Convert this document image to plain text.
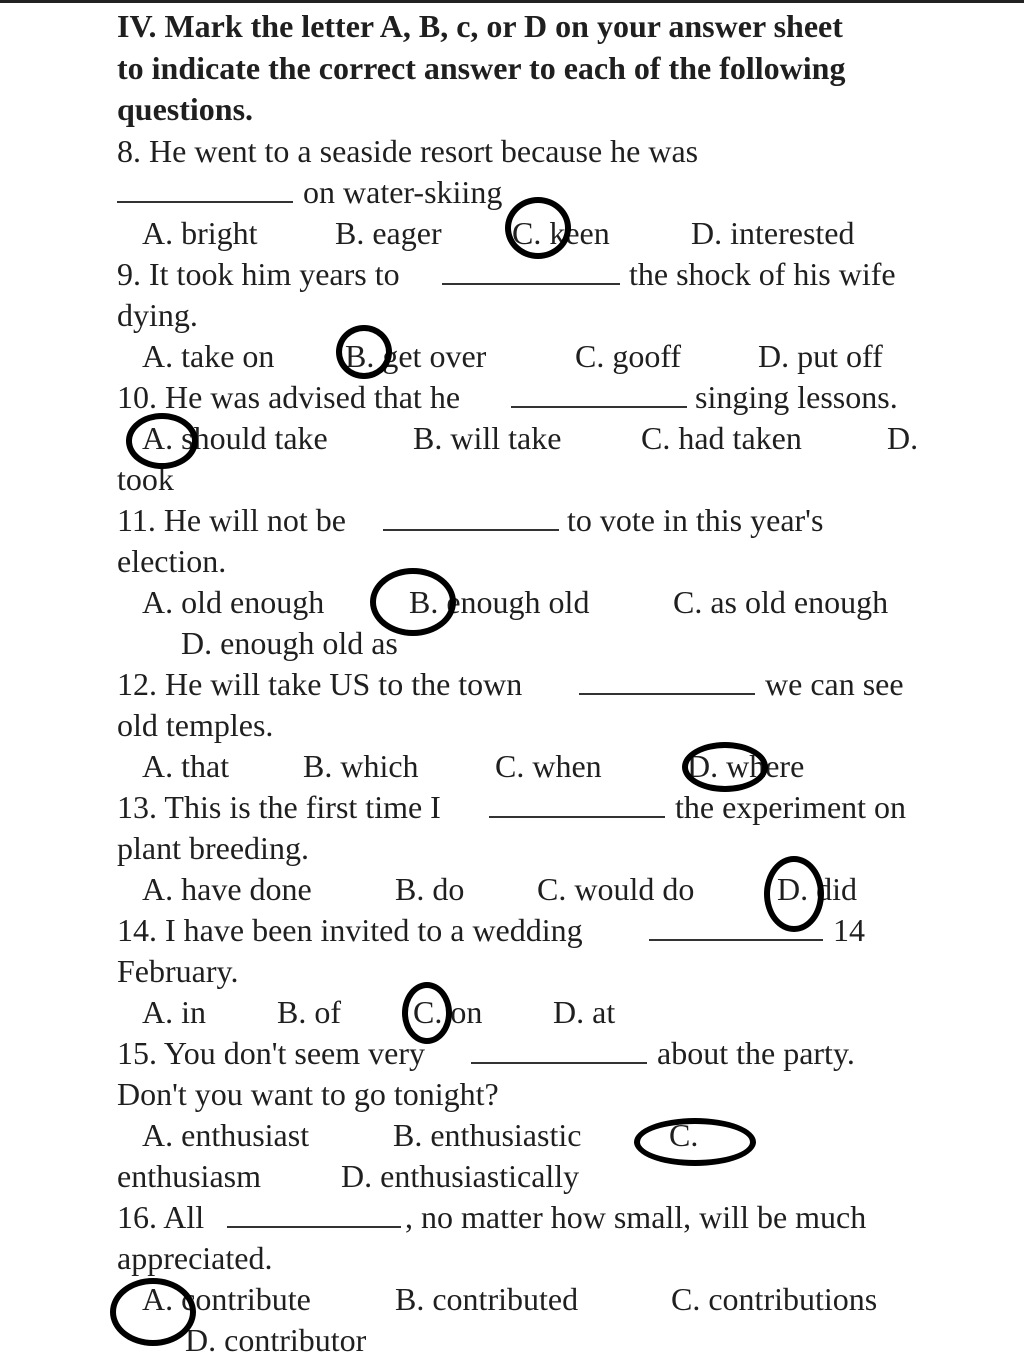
IV. Mark the letter A, B, c, or D on your answer sheet
to indicate the correct answer to each of the following
questions.
8. He went to a seaside resort because he was
on water-skiing
A. bright B. eager C. keen	D. interested
9. It took him years to	the shock of his wife
dying.
A. take on B. get over	C. gooff D. put off
10. He was advised that he	singing lessons.
A. should take	B. will take C. had taken	D.
took
11. He will not be	to vote in this year's
election.
A. old enough	B. enough old	C. as old enough
D. enough old as
12. He will take US to the town	we can see
old temples.
A. that B. which C. when	D. where
13. This is the first time I	the experiment on
plant breeding.
A. have done	B. do C. would do	D. did
14. I have been invited to a wedding	14
February.
A. in B. of C. on D. at
15. You don't seem very	about the party.
Don't you want to go tonight?
A. enthusiast	B. enthusiastic	C.
enthusiasm	D. enthusiastically
16. All	, no matter how small, will be much
appreciated.
A. contribute	B. contributed	C. contributions
D. contributor
